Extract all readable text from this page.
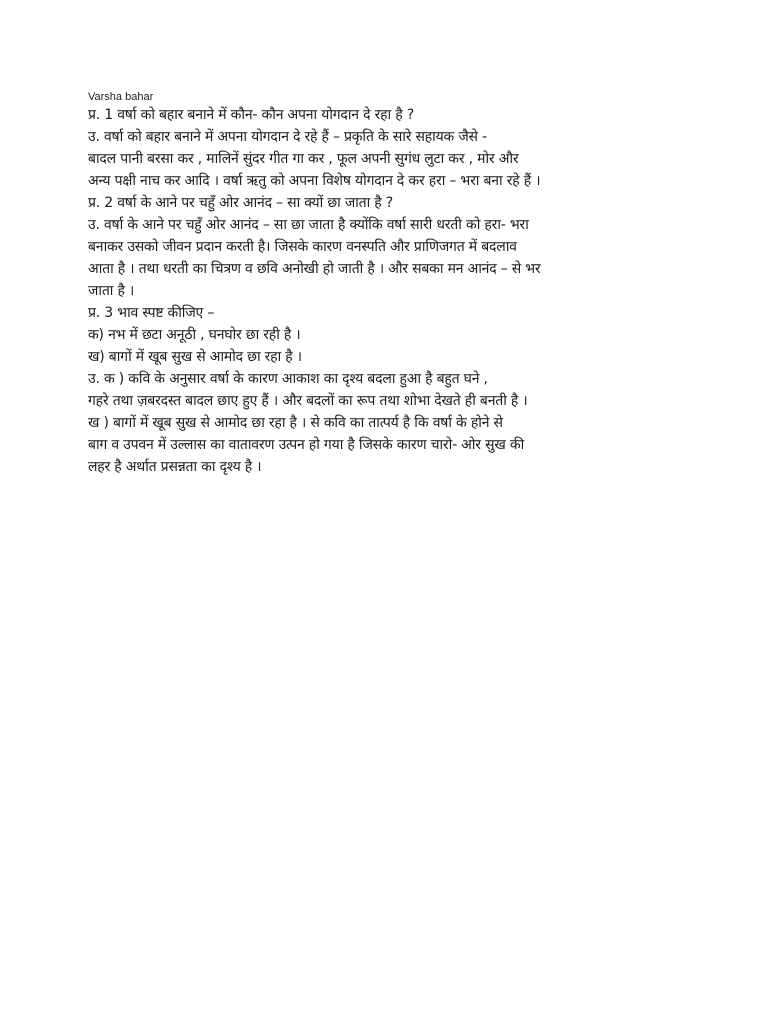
Varsha bahar

प्र. 1 वर्षा को बहार बनाने में कौन- कौन अपना योगदान दे रहा है ?

उ. वर्षा को बहार बनाने में अपना योगदान दे रहे हैं – प्रकृति के सारे सहायक जैसे -

बादल पानी बरसा कर , मालिनें सुंदर गीत गा कर , फूल अपनी सुगंध लुटा कर , मोर और

अन्य पक्षी नाच कर आदि । वर्षा ऋतु को अपना विशेष योगदान दे कर हरा – भरा बना रहे हैं ।

प्र. 2 वर्षा के आने पर चहुँ ओर आनंद – सा क्यों छा जाता है ?

उ. वर्षा के आने पर चहुँ ओर आनंद – सा छा जाता है क्योंकि वर्षा सारी धरती को हरा- भरा

बनाकर उसको जीवन प्रदान करती है। जिसके कारण वनस्पति और प्राणिजगत में बदलाव

आता है । तथा धरती का चित्रण व छवि अनोखी हो जाती है । और सबका मन आनंद – से भर

जाता है ।

प्र. 3 भाव स्पष्ट कीजिए –

क) नभ में छटा अनूठी , घनघोर छा रही है ।

ख) बागों में खूब सुख से आमोद छा रहा है ।

उ. क ) कवि के अनुसार वर्षा के कारण आकाश का दृश्य बदला हुआ है बहुत घने ,

गहरे तथा ज़बरदस्त बादल छाए हुए हैं । और बदलों का रूप तथा शोभा देखते ही बनती है ।

ख ) बागों में खूब सुख से आमोद छा रहा है । से कवि का तात्पर्य है कि वर्षा के होने से

बाग व उपवन में उल्लास का वातावरण उत्पन हो गया है जिसके कारण चारो- ओर सुख की

लहर है अर्थात प्रसन्नता का दृश्य है ।
